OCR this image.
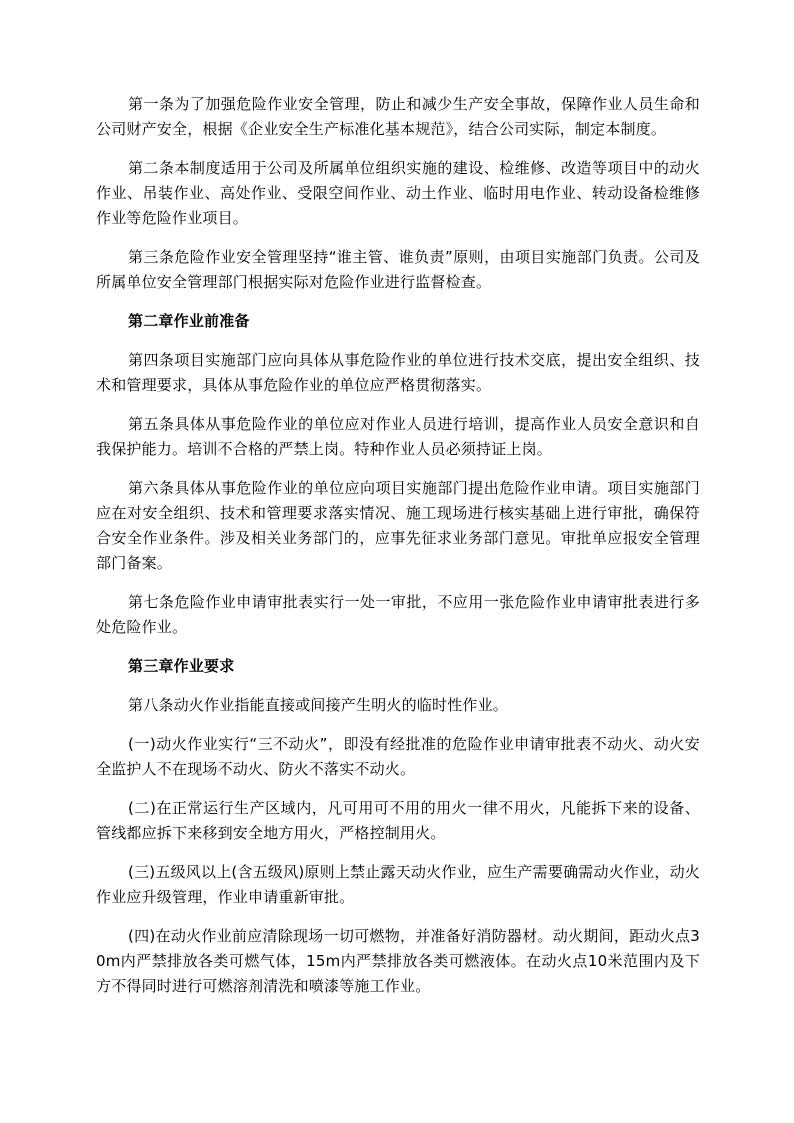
第一条为了加强危险作业安全管理，防止和减少生产安全事故，保障作业人员生命和公司财产安全，根据《企业安全生产标准化基本规范》，结合公司实际，制定本制度。

第二条本制度适用于公司及所属单位组织实施的建设、检维修、改造等项目中的动火作业、吊装作业、高处作业、受限空间作业、动土作业、临时用电作业、转动设备检维修作业等危险作业项目。

第三条危险作业安全管理坚持“谁主管、谁负责”原则，由项目实施部门负责。公司及所属单位安全管理部门根据实际对危险作业进行监督检查。

第二章作业前准备

第四条项目实施部门应向具体从事危险作业的单位进行技术交底，提出安全组织、技术和管理要求，具体从事危险作业的单位应严格贯彻落实。

第五条具体从事危险作业的单位应对作业人员进行培训，提高作业人员安全意识和自我保护能力。培训不合格的严禁上岗。特种作业人员必须持证上岗。

第六条具体从事危险作业的单位应向项目实施部门提出危险作业申请。项目实施部门应在对安全组织、技术和管理要求落实情况、施工现场进行核实基础上进行审批，确保符合安全作业条件。涉及相关业务部门的，应事先征求业务部门意见。审批单应报安全管理部门备案。

第七条危险作业申请审批表实行一处一审批，不应用一张危险作业申请审批表进行多处危险作业。

第三章作业要求

第八条动火作业指能直接或间接产生明火的临时性作业。

(一)动火作业实行“三不动火”，即没有经批准的危险作业申请审批表不动火、动火安全监护人不在现场不动火、防火不落实不动火。

(二)在正常运行生产区域内，凡可用可不用的用火一律不用火，凡能拆下来的设备、管线都应拆下来移到安全地方用火，严格控制用火。

(三)五级风以上(含五级风)原则上禁止露天动火作业，应生产需要确需动火作业，动火作业应升级管理，作业申请重新审批。

(四)在动火作业前应清除现场一切可燃物，并准备好消防器材。动火期间，距动火点30m内严禁排放各类可燃气体，15m内严禁排放各类可燃液体。在动火点10米范围内及下方不得同时进行可燃溶剂清洗和喷漆等施工作业。
